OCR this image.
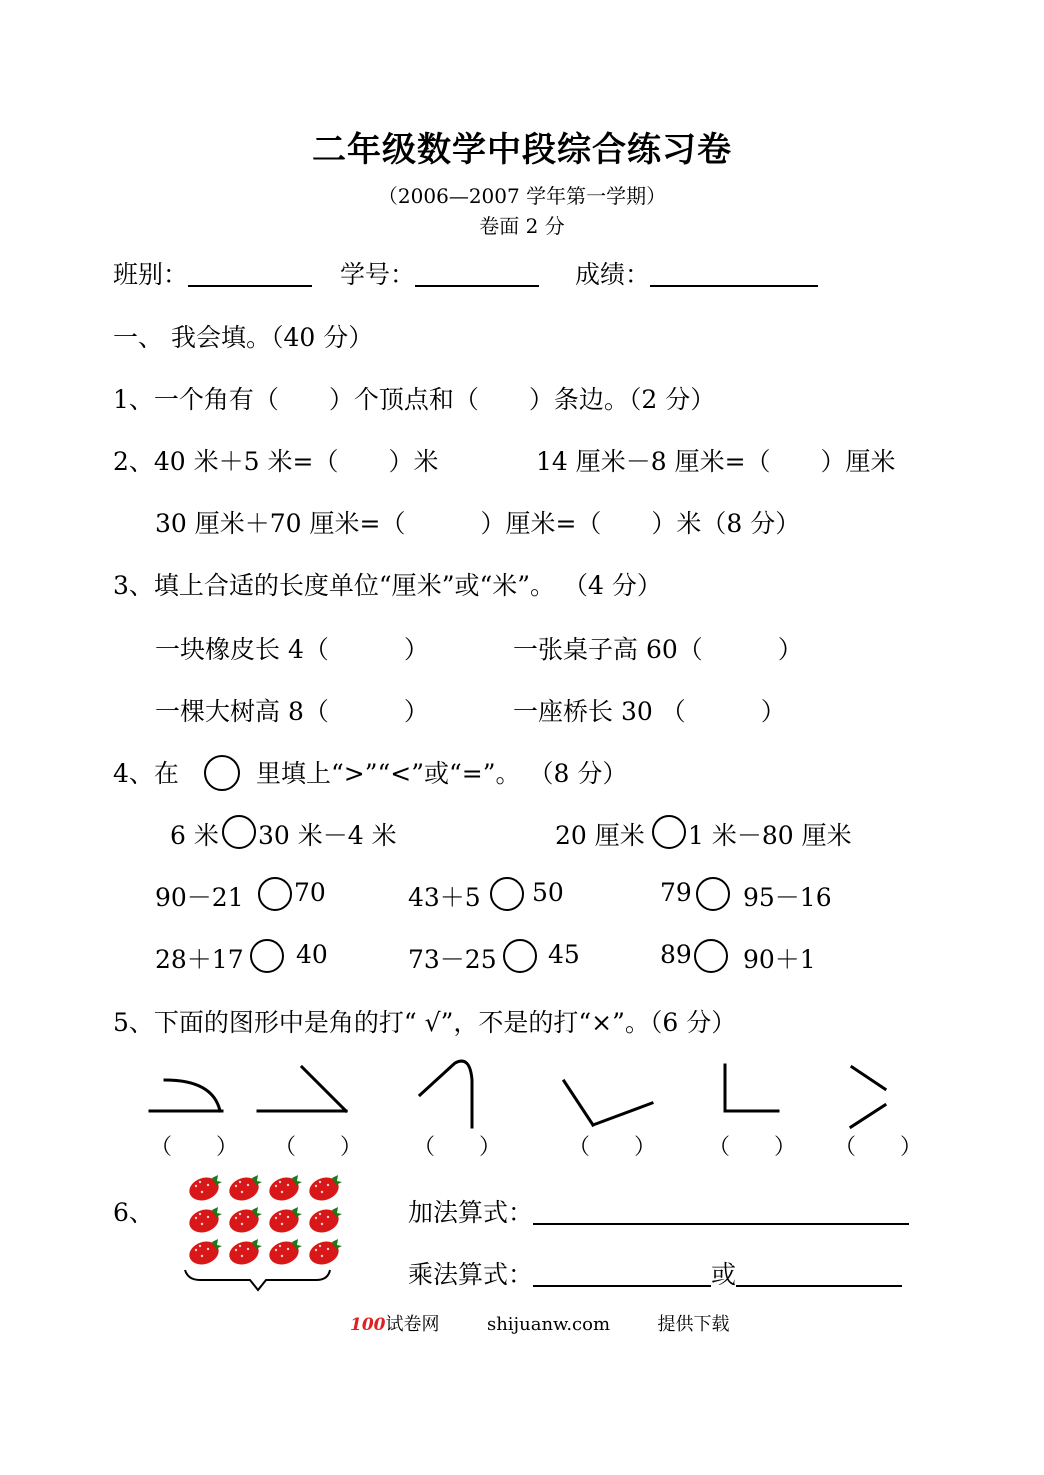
二年级数学中段综合练习卷
（2006—2007 学年第一学期）
卷面 2 分
班别：	学号：	成绩：
一、 我会填。（40 分）
1、一个角有（　　）个顶点和（　　）条边。（2 分）
2、40 米＋5 米=（　　）米	14 厘米－8 厘米=（　　）厘米
30 厘米＋70 厘米=（　　　）厘米=（　　）米（8 分）
3、填上合适的长度单位“厘米”或“米”。 （4 分）
一块橡皮长 4（　　　）	一张桌子高 60（　　　）
一棵大树高 8（　　　）	一座桥长 30 （　　　）
4、在	里填上“>”“<”或“=”。 （8 分）
6 米 30 米－4 米	20 厘米 1 米－80 厘米
90－21 70	43＋5 50	79 95－16
28＋17 40	73－25 45	89 90＋1
5、下面的图形中是角的打“ √”，不是的打“×”。（6 分）
（　　） （　　） （　　）	（　　） （　　） （　　）
6、	加法算式：
乘法算式：	或
100试卷网	shijuanw.com	提供下载
